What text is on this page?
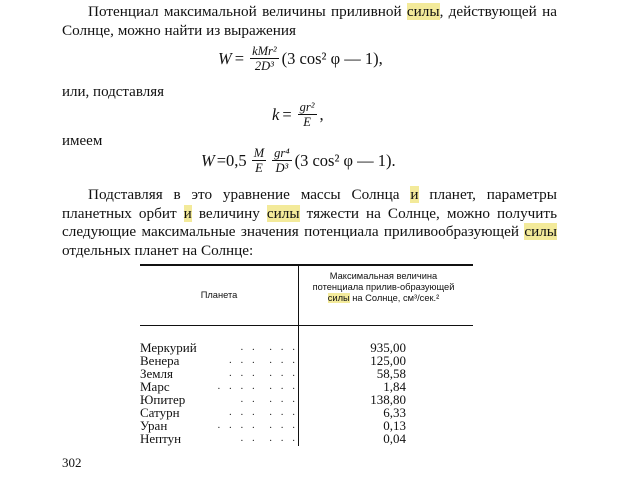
Потенциал максимальной величины приливной силы, действующей на Солнце, можно найти из выражения
$W = \frac{\text{kMr²}}{\text{2D³}} (3$ cos² φ — 1),
или, подставляя
$k = \frac{\text{gr²}}{E}$ ,
имеем
$W =0,5 \frac{M}{E} \frac{\text{gr⁴}}{\text{D³}} (3$ cos² φ — 1).
Подставляя в это уравнение массы Солнца и планет, параметры планетных орбит и величину силы тяжести на Солнце, можно получить следующие максимальные значения потенциала приливообразующей силы отдельных планет на Солнце:
Планета
Максимальная величина потенциала прилив-образующей силы на Солнце, см³/сек.²
Меркурий	. .  . . .	935,00
Венера	. . .  . . .	125,00
Земля	. . .  . . .	58,58
Марс	. . . .  . . .	1,84
Юпитер	. .  . . .	138,80
Сатурн	. . .  . . .	6,33
Уран	. . . .  . . .	0,13
Нептун	. .  . . .	0,04
302
